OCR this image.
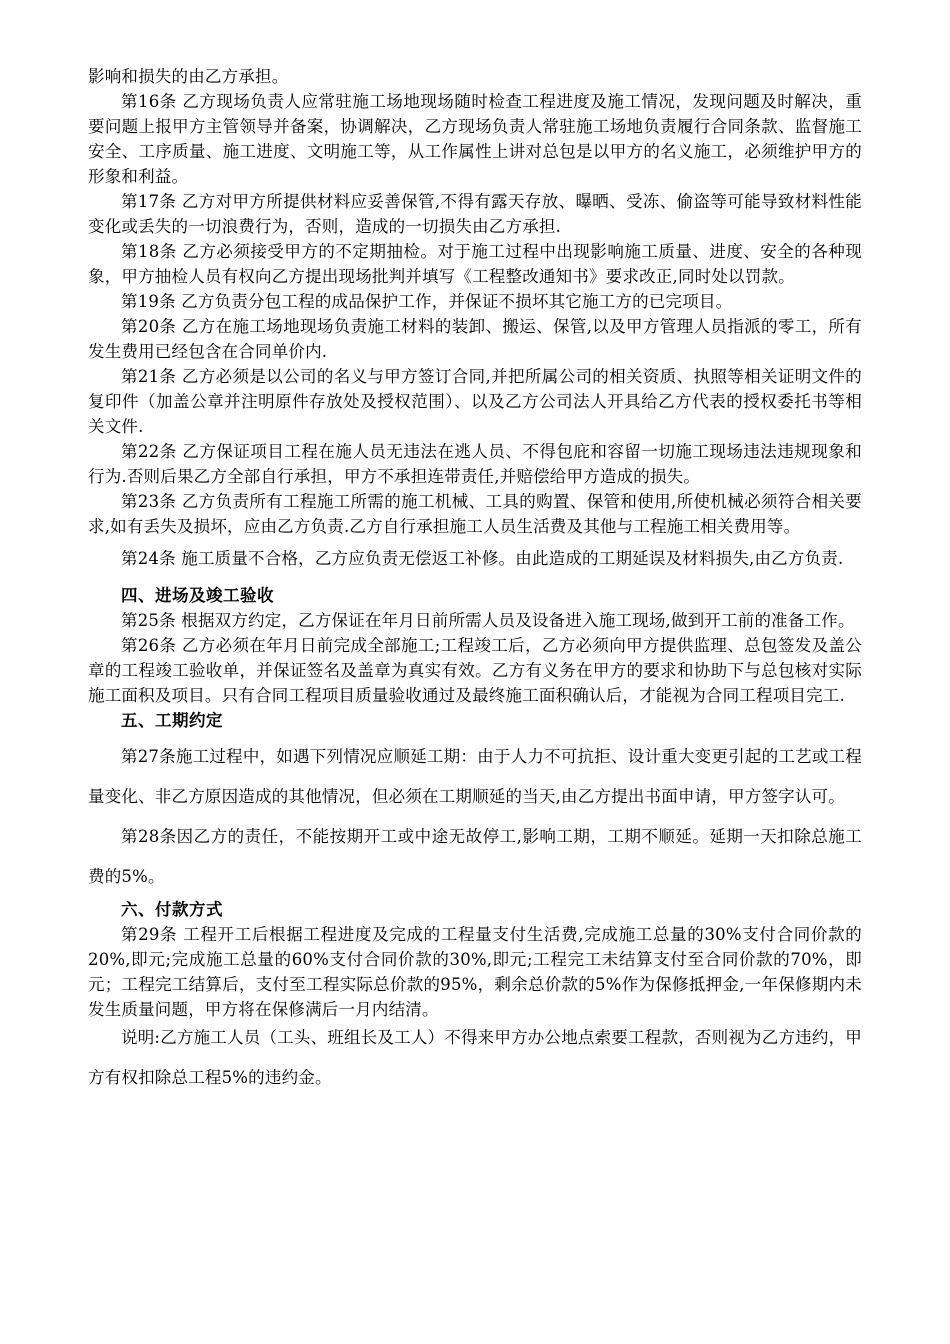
影响和损失的由乙方承担。

第16条 乙方现场负责人应常驻施工场地现场随时检查工程进度及施工情况，发现问题及时解决，重要问题上报甲方主管领导并备案，协调解决，乙方现场负责人常驻施工场地负责履行合同条款、监督施工安全、工序质量、施工进度、文明施工等，从工作属性上讲对总包是以甲方的名义施工，必须维护甲方的形象和利益。

第17条 乙方对甲方所提供材料应妥善保管,不得有露天存放、曝晒、受冻、偷盗等可能导致材料性能变化或丢失的一切浪费行为，否则，造成的一切损失由乙方承担.

第18条 乙方必须接受甲方的不定期抽检。对于施工过程中出现影响施工质量、进度、安全的各种现象，甲方抽检人员有权向乙方提出现场批判并填写《工程整改通知书》要求改正,同时处以罚款。

第19条 乙方负责分包工程的成品保护工作，并保证不损坏其它施工方的已完项目。

第20条 乙方在施工场地现场负责施工材料的装卸、搬运、保管,以及甲方管理人员指派的零工，所有发生费用已经包含在合同单价内.

第21条 乙方必须是以公司的名义与甲方签订合同,并把所属公司的相关资质、执照等相关证明文件的复印件（加盖公章并注明原件存放处及授权范围）、以及乙方公司法人开具给乙方代表的授权委托书等相关文件.

第22条 乙方保证项目工程在施人员无违法在逃人员、不得包庇和容留一切施工现场违法违规现象和行为.否则后果乙方全部自行承担，甲方不承担连带责任,并赔偿给甲方造成的损失。

第23条 乙方负责所有工程施工所需的施工机械、工具的购置、保管和使用,所使机械必须符合相关要求,如有丢失及损坏，应由乙方负责.乙方自行承担施工人员生活费及其他与工程施工相关费用等。

第24条 施工质量不合格，乙方应负责无偿返工补修。由此造成的工期延误及材料损失,由乙方负责.

四、进场及竣工验收

第25条 根据双方约定，乙方保证在年月日前所需人员及设备进入施工现场,做到开工前的准备工作。

第26条 乙方必须在年月日前完成全部施工;工程竣工后，乙方必须向甲方提供监理、总包签发及盖公章的工程竣工验收单，并保证签名及盖章为真实有效。乙方有义务在甲方的要求和协助下与总包核对实际施工面积及项目。只有合同工程项目质量验收通过及最终施工面积确认后，才能视为合同工程项目完工.

五、工期约定

第27条施工过程中，如遇下列情况应顺延工期：由于人力不可抗拒、设计重大变更引起的工艺或工程量变化、非乙方原因造成的其他情况，但必须在工期顺延的当天,由乙方提出书面申请，甲方签字认可。

第28条因乙方的责任，不能按期开工或中途无故停工,影响工期，工期不顺延。延期一天扣除总施工费的5%。

六、付款方式

第29条 工程开工后根据工程进度及完成的工程量支付生活费,完成施工总量的30%支付合同价款的20%,即元;完成施工总量的60%支付合同价款的30%,即元;工程完工未结算支付至合同价款的70%，即元；工程完工结算后，支付至工程实际总价款的95%，剩余总价款的5%作为保修抵押金,一年保修期内未发生质量问题，甲方将在保修满后一月内结清。

说明:乙方施工人员（工头、班组长及工人）不得来甲方办公地点索要工程款，否则视为乙方违约，甲方有权扣除总工程5%的违约金。
